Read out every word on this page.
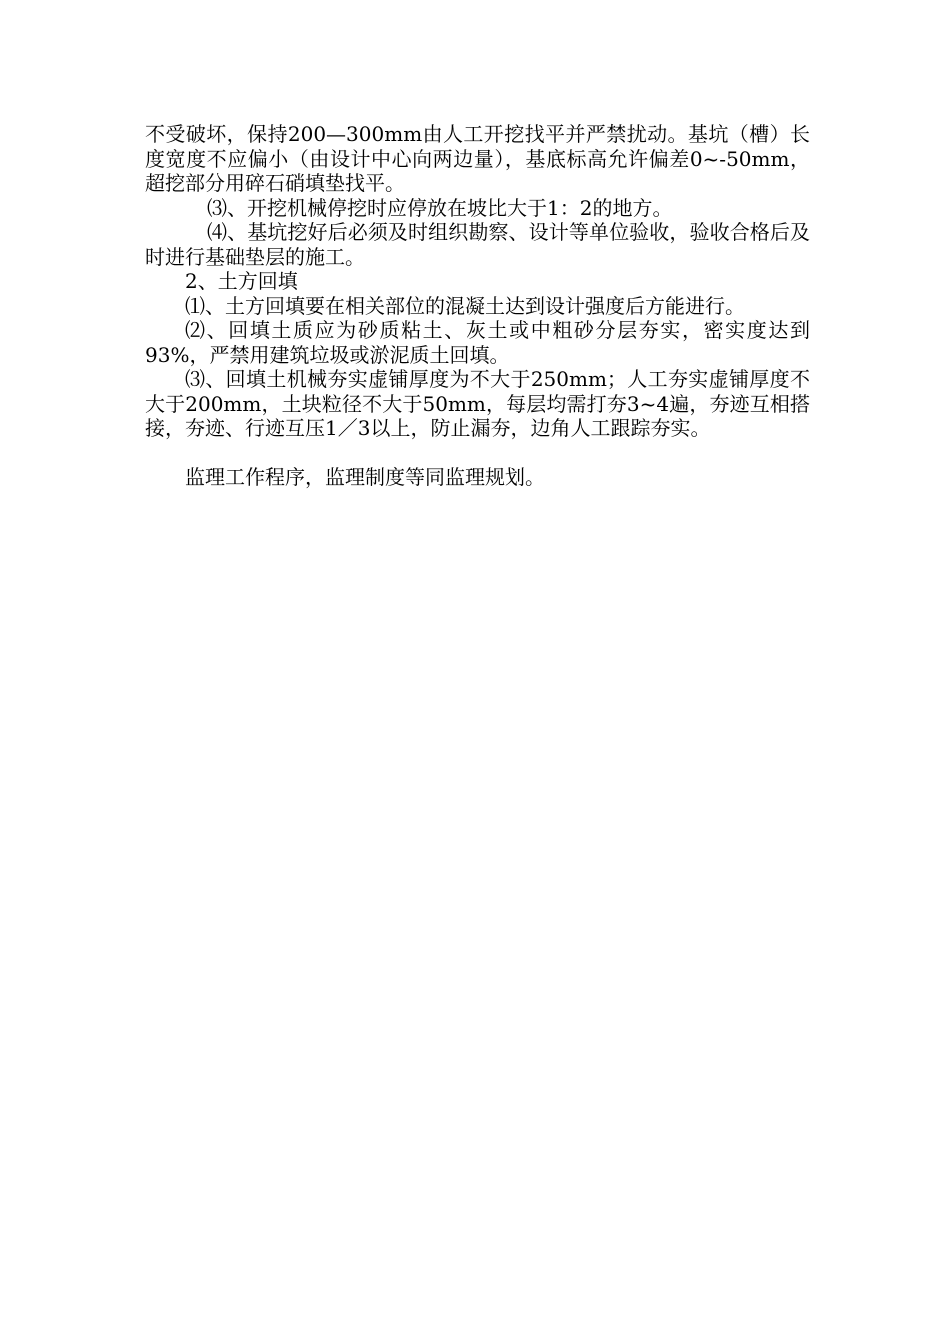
不受破坏，保持200—300mm由人工开挖找平并严禁扰动。基坑（槽）长度宽度不应偏小（由设计中心向两边量），基底标高允许偏差0~-50mm，超挖部分用碎石硝填垫找平。

⑶、开挖机械停挖时应停放在坡比大于1：2的地方。

⑷、基坑挖好后必须及时组织勘察、设计等单位验收，验收合格后及时进行基础垫层的施工。

2、土方回填

⑴、土方回填要在相关部位的混凝土达到设计强度后方能进行。

⑵、回填土质应为砂质粘土、灰土或中粗砂分层夯实，密实度达到93%，严禁用建筑垃圾或淤泥质土回填。

⑶、回填土机械夯实虚铺厚度为不大于250mm；人工夯实虚铺厚度不大于200mm，土块粒径不大于50mm，每层均需打夯3~4遍，夯迹互相搭接，夯迹、行迹互压1／3以上，防止漏夯，边角人工跟踪夯实。

监理工作程序，监理制度等同监理规划。
